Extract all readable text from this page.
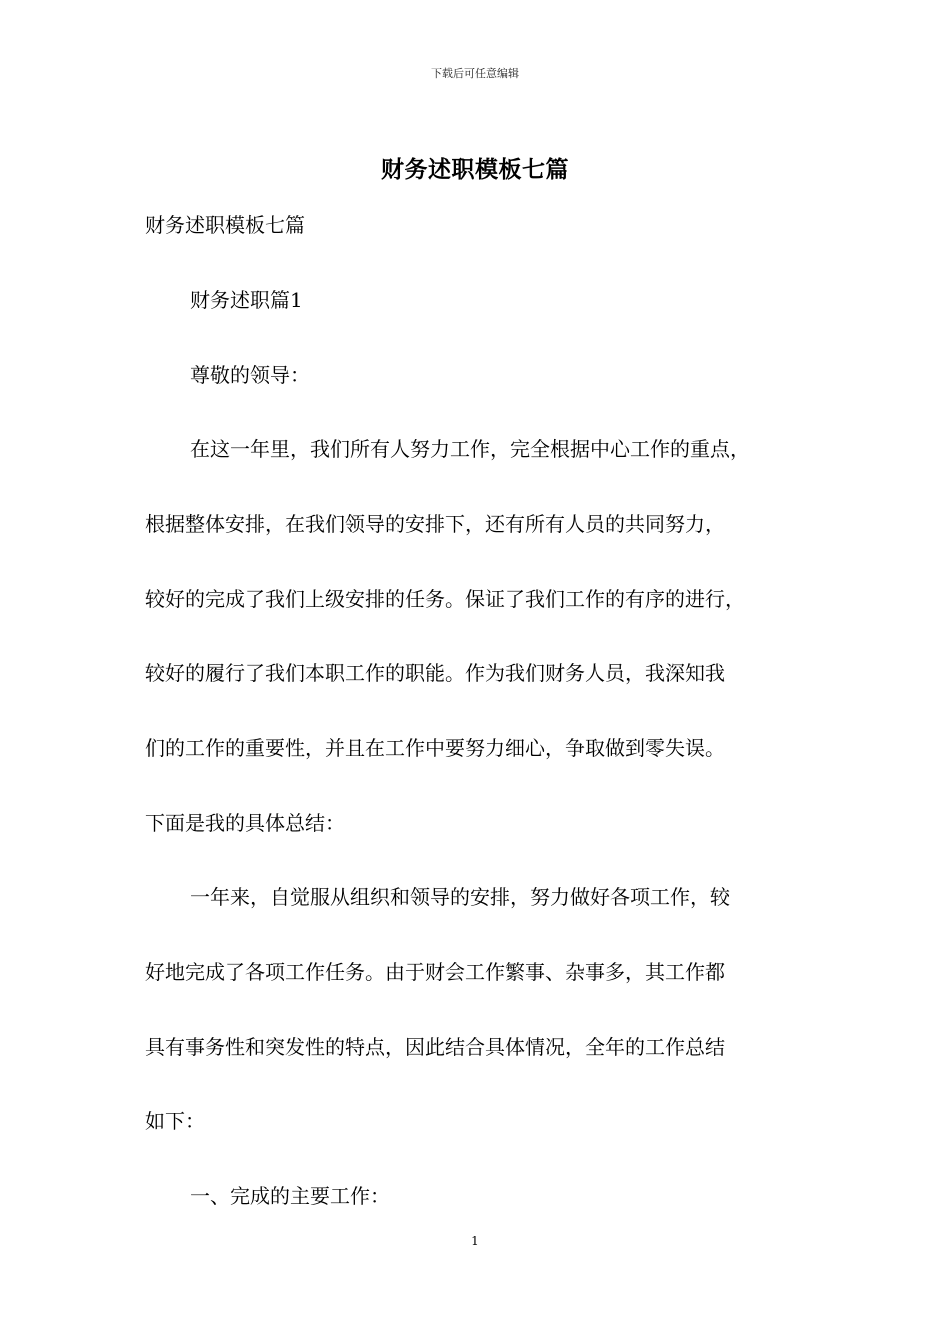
下载后可任意编辑
财务述职模板七篇
财务述职模板七篇
财务述职篇1
尊敬的领导：
在这一年里，我们所有人努力工作，完全根据中心工作的重点，
根据整体安排，在我们领导的安排下，还有所有人员的共同努力，
较好的完成了我们上级安排的任务。保证了我们工作的有序的进行，
较好的履行了我们本职工作的职能。作为我们财务人员，我深知我
们的工作的重要性，并且在工作中要努力细心，争取做到零失误。
下面是我的具体总结：
一年来，自觉服从组织和领导的安排，努力做好各项工作，较
好地完成了各项工作任务。由于财会工作繁事、杂事多，其工作都
具有事务性和突发性的特点，因此结合具体情况，全年的工作总结
如下：
一、完成的主要工作：
1
